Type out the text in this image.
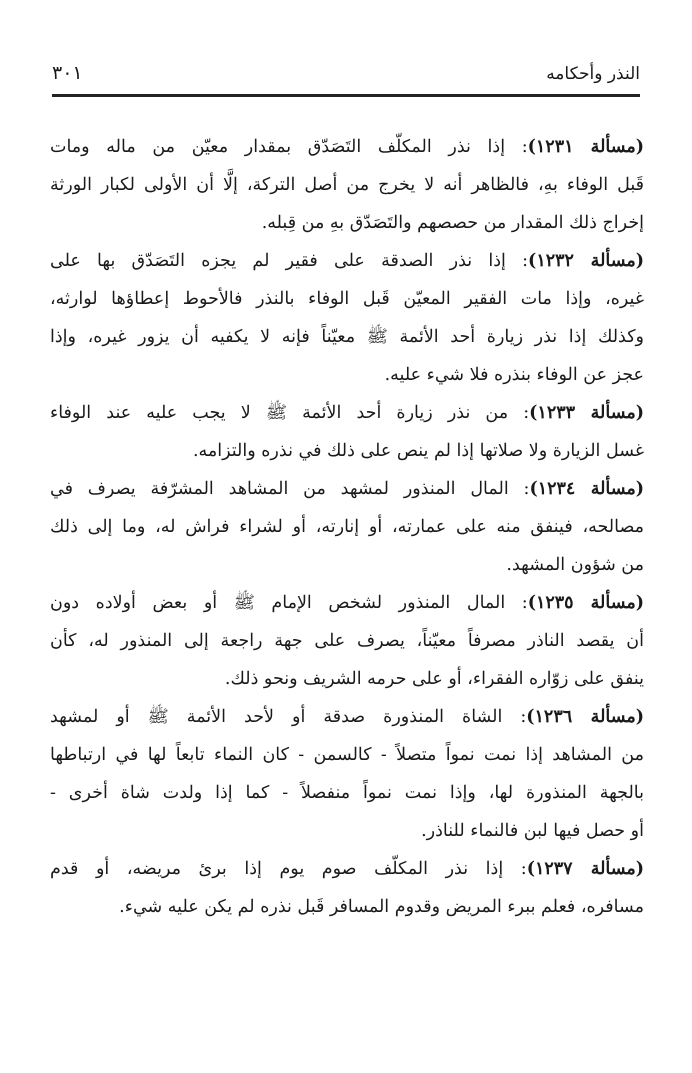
النذر وأحكامه
٣٠١
(مسألة ١٢٣١): إذا نذر المكلّف التَصَدّق بمقدار معيّن من ماله ومات
قَبل الوفاء بهِ، فالظاهر أنه لا يخرج من أصل التركة، إلَّا أن الأولى لكبار الورثة
إخراج ذلك المقدار من حصصهم والتَصَدّق بهِ من قِبله.
(مسألة ١٢٣٢): إذا نذر الصدقة على فقير لم يجزه التَصَدّق بها على
غيره، وإذا مات الفقير المعيّن قَبل الوفاء بالنذر فالأحوط إعطاؤها لوارثه،
وكذلك إذا نذر زيارة أحد الأئمة ﷺ معيّناً فإنه لا يكفيه أن يزور غيره، وإذا
عجز عن الوفاء بنذره فلا شيء عليه.
(مسألة ١٢٣٣): من نذر زيارة أحد الأئمة ﷺ لا يجب عليه عند الوفاء
غسل الزيارة ولا صلاتها إذا لم ينص على ذلك في نذره والتزامه.
(مسألة ١٢٣٤): المال المنذور لمشهد من المشاهد المشرّفة يصرف في
مصالحه، فينفق منه على عمارته، أو إنارته، أو لشراء فراش له، وما إلى ذلك
من شؤون المشهد.
(مسألة ١٢٣٥): المال المنذور لشخص الإمام ﷺ أو بعض أولاده دون
أن يقصد الناذر مصرفاً معيّناً، يصرف على جهة راجعة إلى المنذور له، كأن
ينفق على زوّاره الفقراء، أو على حرمه الشريف ونحو ذلك.
(مسألة ١٢٣٦): الشاة المنذورة صدقة أو لأحد الأئمة ﷺ أو لمشهد
من المشاهد إذا نمت نمواً متصلاً - كالسمن - كان النماء تابعاً لها في ارتباطها
بالجهة المنذورة لها، وإذا نمت نمواً منفصلاً - كما إذا ولدت شاة أخرى -
أو حصل فيها لبن فالنماء للناذر.
(مسألة ١٢٣٧): إذا نذر المكلّف صوم يوم إذا برئ مريضه، أو قدم
مسافره، فعلم ببرء المريض وقدوم المسافر قَبل نذره لم يكن عليه شيء.
